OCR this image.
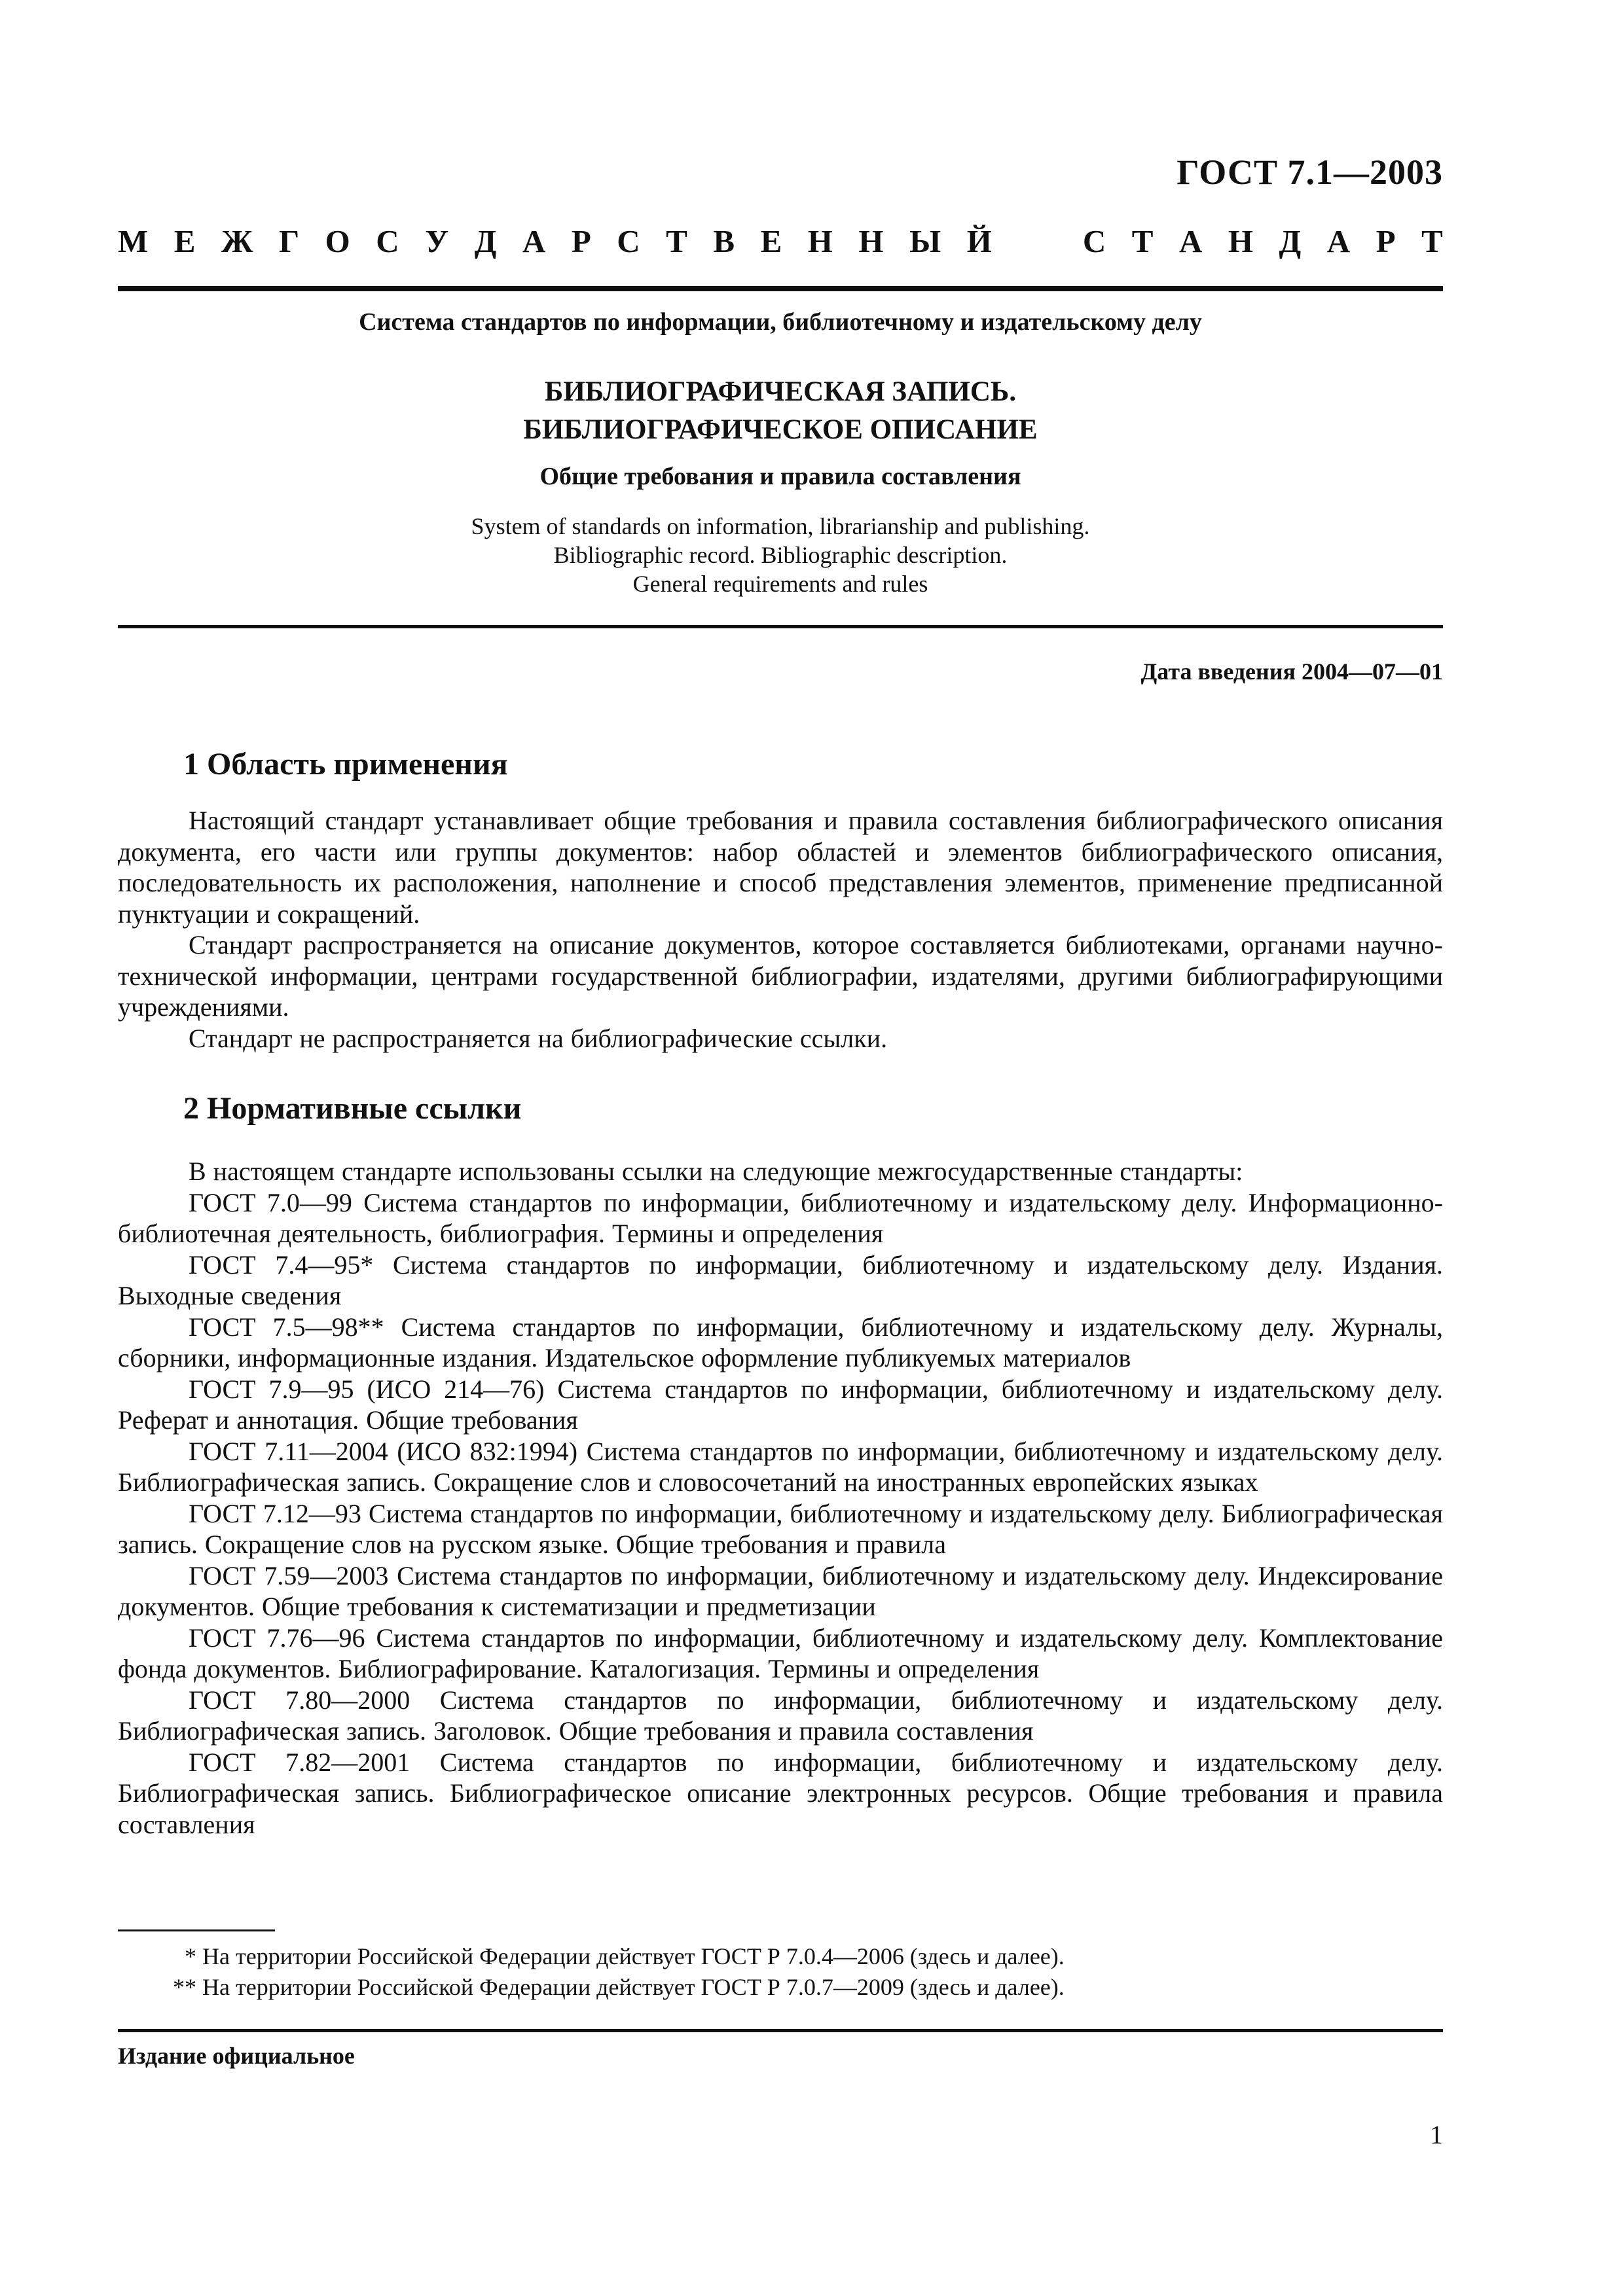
ГОСТ 7.1—2003
М Е Ж Г О С У Д А Р С Т В Е Н Н Ы Й	С Т А Н Д А Р Т
Система стандартов по информации, библиотечному и издательскому делу
БИБЛИОГРАФИЧЕСКАЯ ЗАПИСЬ.
БИБЛИОГРАФИЧЕСКОЕ ОПИСАНИЕ
Общие требования и правила составления
System of standards on information, librarianship and publishing.
Bibliographic record. Bibliographic description.
General requirements and rules
Дата введения 2004—07—01
1 Область применения

Настоящий стандарт устанавливает общие требования и правила составления библиографического описания документа, его части или группы документов: набор областей и элементов библиографического описания, последовательность их расположения, наполнение и способ представления элементов, применение предписанной пунктуации и сокращений.

Стандарт распространяется на описание документов, которое составляется библиотеками, органами научно-технической информации, центрами государственной библиографии, издателями, другими библиографирующими учреждениями.

Стандарт не распространяется на библиографические ссылки.

2 Нормативные ссылки

В настоящем стандарте использованы ссылки на следующие межгосударственные стандарты:

ГОСТ 7.0—99 Система стандартов по информации, библиотечному и издательскому делу. Информационно-библиотечная деятельность, библиография. Термины и определения

ГОСТ 7.4—95* Система стандартов по информации, библиотечному и издательскому делу. Издания. Выходные сведения

ГОСТ 7.5—98** Система стандартов по информации, библиотечному и издательскому делу. Журналы, сборники, информационные издания. Издательское оформление публикуемых материалов

ГОСТ 7.9—95 (ИСО 214—76) Система стандартов по информации, библиотечному и издательскому делу. Реферат и аннотация. Общие требования

ГОСТ 7.11—2004 (ИСО 832:1994) Система стандартов по информации, библиотечному и издательскому делу. Библиографическая запись. Сокращение слов и словосочетаний на иностранных европейских языках

ГОСТ 7.12—93 Система стандартов по информации, библиотечному и издательскому делу. Библиографическая запись. Сокращение слов на русском языке. Общие требования и правила

ГОСТ 7.59—2003 Система стандартов по информации, библиотечному и издательскому делу. Индексирование документов. Общие требования к систематизации и предметизации

ГОСТ 7.76—96 Система стандартов по информации, библиотечному и издательскому делу. Комплектование фонда документов. Библиографирование. Каталогизация. Термины и определения

ГОСТ 7.80—2000 Система стандартов по информации, библиотечному и издательскому делу. Библиографическая запись. Заголовок. Общие требования и правила составления

ГОСТ 7.82—2001 Система стандартов по информации, библиотечному и издательскому делу. Библиографическая запись. Библиографическое описание электронных ресурсов. Общие требования и правила составления

* На территории Российской Федерации действует ГОСТ Р 7.0.4—2006 (здесь и далее).

** На территории Российской Федерации действует ГОСТ Р 7.0.7—2009 (здесь и далее).

Издание официальное
1
